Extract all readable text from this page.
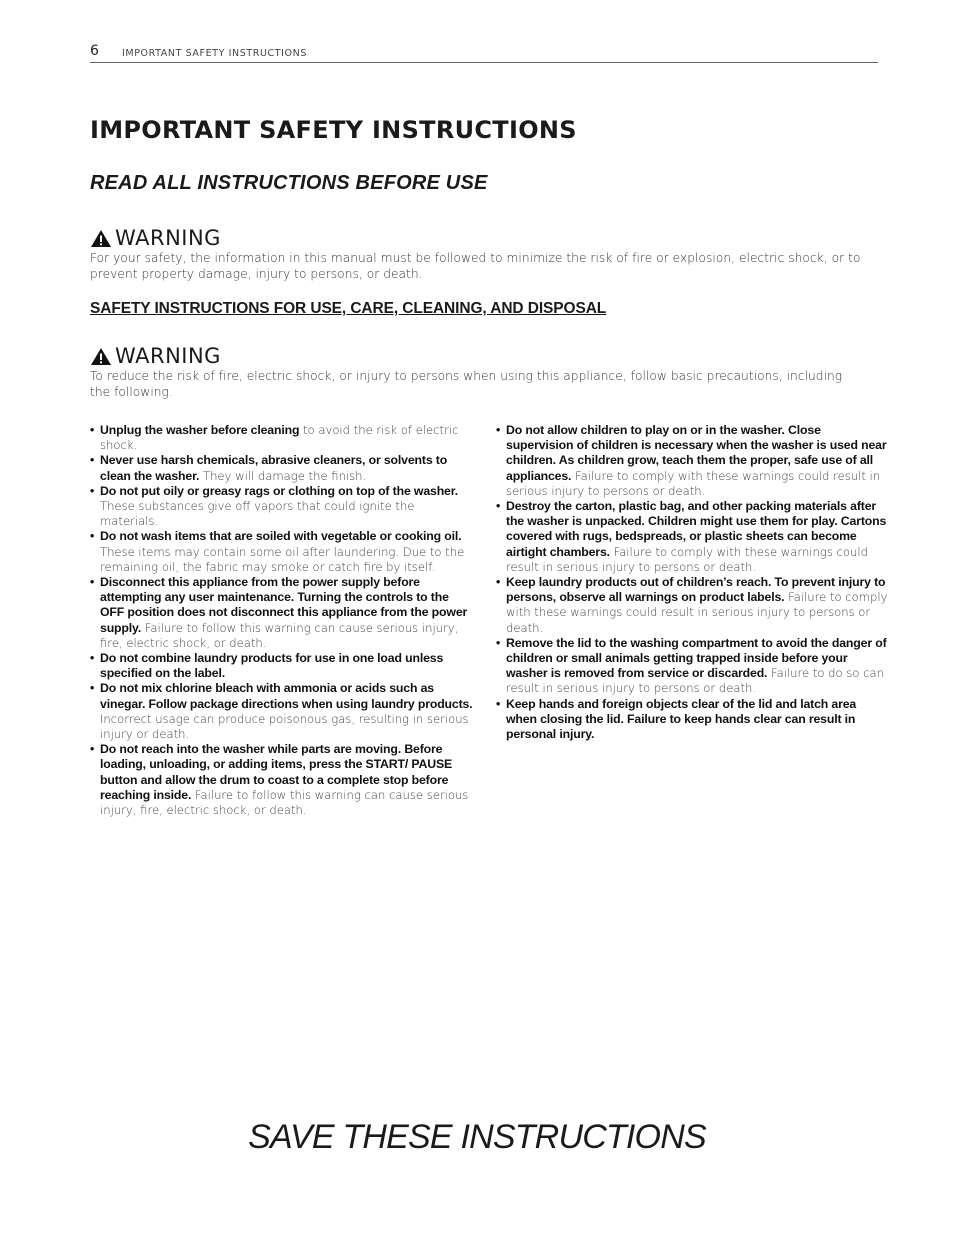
6 IMPORTANT SAFETY INSTRUCTIONS
IMPORTANT SAFETY INSTRUCTIONS
READ ALL INSTRUCTIONS BEFORE USE
WARNING
For your safety, the information in this manual must be followed to minimize the risk of fire or explosion, electric shock, or to prevent property damage, injury to persons, or death.
SAFETY INSTRUCTIONS FOR USE, CARE, CLEANING, AND DISPOSAL
WARNING
To reduce the risk of fire, electric shock, or injury to persons when using this appliance, follow basic precautions, including the following.
• Unplug the washer before cleaning to avoid the risk of electric shock.
• Never use harsh chemicals, abrasive cleaners, or solvents to clean the washer. They will damage the finish.
• Do not put oily or greasy rags or clothing on top of the washer. These substances give off vapors that could ignite the materials.
• Do not wash items that are soiled with vegetable or cooking oil. These items may contain some oil after laundering. Due to the remaining oil, the fabric may smoke or catch fire by itself.
• Disconnect this appliance from the power supply before attempting any user maintenance. Turning the controls to the OFF position does not disconnect this appliance from the power supply. Failure to follow this warning can cause serious injury, fire, electric shock, or death.
• Do not combine laundry products for use in one load unless specified on the label.
• Do not mix chlorine bleach with ammonia or acids such as vinegar. Follow package directions when using laundry products. Incorrect usage can produce poisonous gas, resulting in serious injury or death.
• Do not reach into the washer while parts are moving. Before loading, unloading, or adding items, press the START/ PAUSE button and allow the drum to coast to a complete stop before reaching inside. Failure to follow this warning can cause serious injury, fire, electric shock, or death.
• Do not allow children to play on or in the washer. Close supervision of children is necessary when the washer is used near children. As children grow, teach them the proper, safe use of all appliances. Failure to comply with these warnings could result in serious injury to persons or death.
• Destroy the carton, plastic bag, and other packing materials after the washer is unpacked. Children might use them for play. Cartons covered with rugs, bedspreads, or plastic sheets can become airtight chambers. Failure to comply with these warnings could result in serious injury to persons or death.
• Keep laundry products out of children’s reach. To prevent injury to persons, observe all warnings on product labels. Failure to comply with these warnings could result in serious injury to persons or death.
• Remove the lid to the washing compartment to avoid the danger of children or small animals getting trapped inside before your washer is removed from service or discarded. Failure to do so can result in serious injury to persons or death.
• Keep hands and foreign objects clear of the lid and latch area when closing the lid. Failure to keep hands clear can result in personal injury.
SAVE THESE INSTRUCTIONS
